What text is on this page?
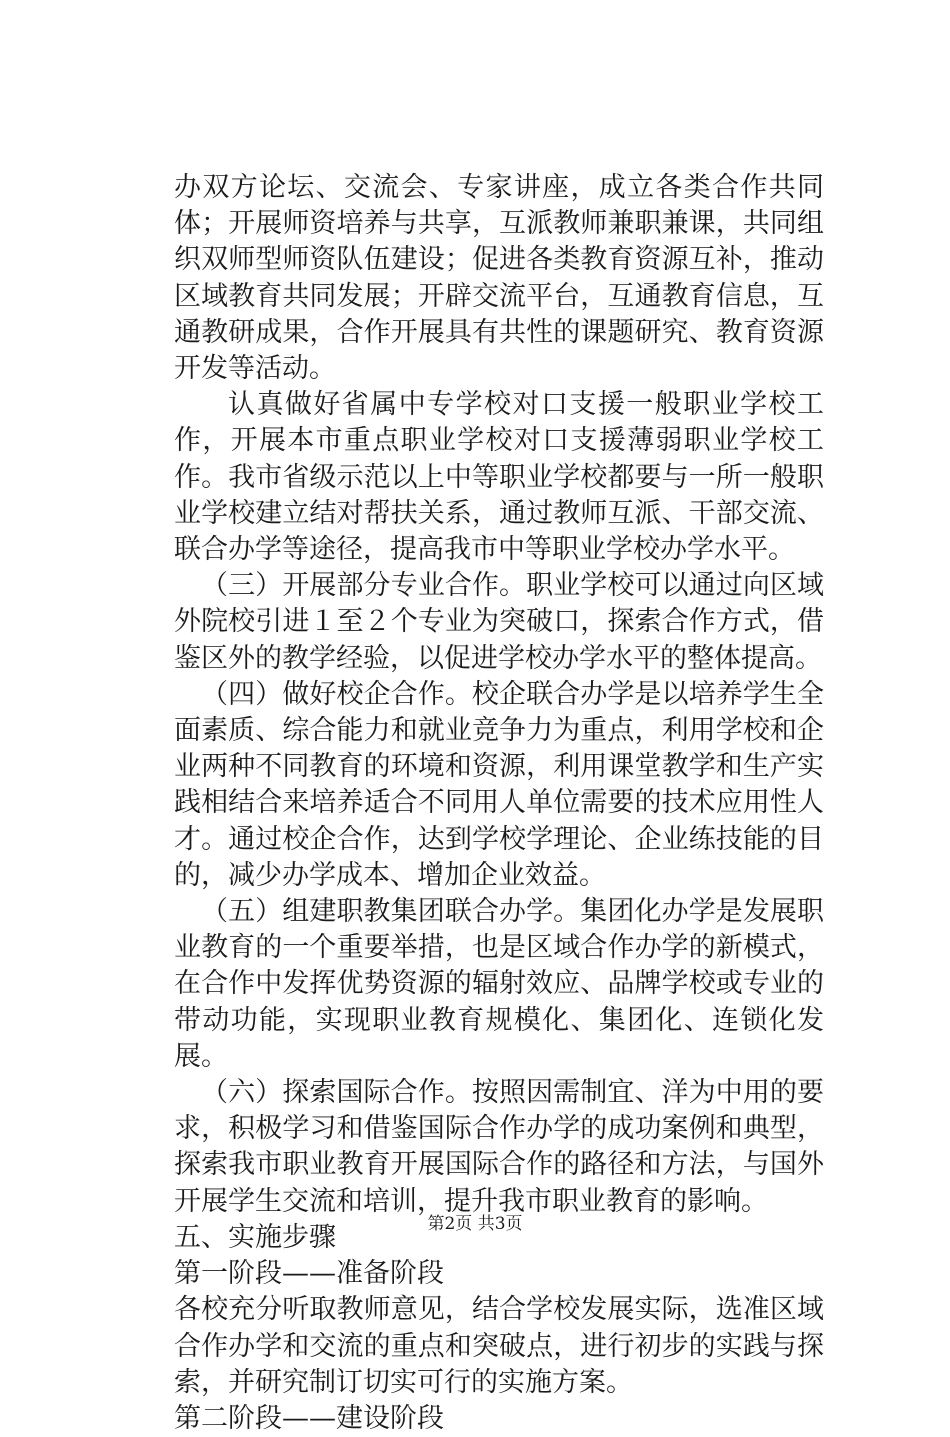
办双方论坛、交流会、专家讲座，成立各类合作共同体；开展师资培养与共享，互派教师兼职兼课，共同组织双师型师资队伍建设；促进各类教育资源互补，推动区域教育共同发展；开辟交流平台，互通教育信息，互通教研成果，合作开展具有共性的课题研究、教育资源开发等活动。

认真做好省属中专学校对口支援一般职业学校工作，开展本市重点职业学校对口支援薄弱职业学校工作。我市省级示范以上中等职业学校都要与一所一般职业学校建立结对帮扶关系，通过教师互派、干部交流、联合办学等途径，提高我市中等职业学校办学水平。

（三）开展部分专业合作。职业学校可以通过向区域外院校引进１至２个专业为突破口，探索合作方式，借鉴区外的教学经验，以促进学校办学水平的整体提高。

（四）做好校企合作。校企联合办学是以培养学生全面素质、综合能力和就业竞争力为重点，利用学校和企业两种不同教育的环境和资源，利用课堂教学和生产实践相结合来培养适合不同用人单位需要的技术应用性人才。通过校企合作，达到学校学理论、企业练技能的目的，减少办学成本、增加企业效益。

（五）组建职教集团联合办学。集团化办学是发展职业教育的一个重要举措，也是区域合作办学的新模式，在合作中发挥优势资源的辐射效应、品牌学校或专业的带动功能，实现职业教育规模化、集团化、连锁化发展。

（六）探索国际合作。按照因需制宜、洋为中用的要求，积极学习和借鉴国际合作办学的成功案例和典型，探索我市职业教育开展国际合作的路径和方法，与国外开展学生交流和培训，提升我市职业教育的影响。

五、实施步骤

第一阶段——准备阶段

各校充分听取教师意见，结合学校发展实际，选准区域合作办学和交流的重点和突破点，进行初步的实践与探索，并研究制订切实可行的实施方案。

第二阶段——建设阶段

第2页 共3页
